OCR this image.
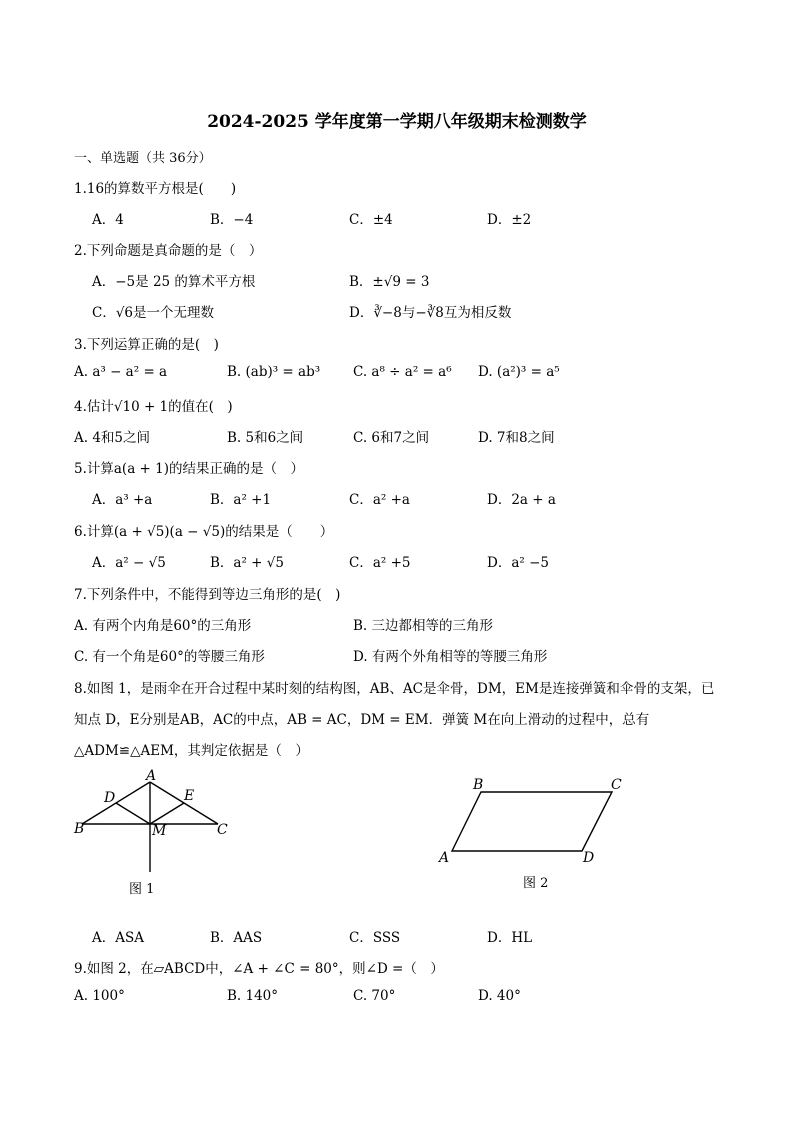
2024-2025 学年度第一学期八年级期末检测数学
一、单选题（共 36分）
1.16的算数平方根是(　　)
A．4	B．−4	C．±4	D．±2
2.下列命题是真命题的是（　）
A．−5是 25 的算术平方根	B．±√9 = 3
C．√6是一个无理数	D．∛−8与−∛8互为相反数
3.下列运算正确的是(　)
A. a³ − a² = a	B. (ab)³ = ab³ C. a⁸ ÷ a² = a⁶ D. (a²)³ = a⁵
4.估计√10 + 1的值在(　)
A. 4和5之间	B. 5和6之间	C. 6和7之间	D. 7和8之间
5.计算a(a + 1)的结果正确的是（　）
A．a³ +a	B．a² +1	C．a² +a	D．2a + a
6.计算(a + √5)(a − √5)的结果是（　　）
A．a² − √5	B．a² + √5	C．a² +5	D．a² −5
7.下列条件中，不能得到等边三角形的是(　)
A. 有两个内角是60°的三角形	B. 三边都相等的三角形
C. 有一个角是60°的等腰三角形	D. 有两个外角相等的等腰三角形
8.如图 1，是雨伞在开合过程中某时刻的结构图，AB、AC是伞骨，DM，EM是连接弹簧和伞骨的支架，已
知点 D，E分别是AB，AC的中点，AB = AC，DM = EM．弹簧 M在向上滑动的过程中，总有
△ADM≌△AEM，其判定依据是（　）
A
D	E
B	M	C
图 1
B	C
A	D
图 2
A．ASA	B．AAS	C．SSS	D．HL
9.如图 2，在▱ABCD中，∠A + ∠C = 80°，则∠D =（　）
A. 100°	B. 140°	C. 70°	D. 40°
